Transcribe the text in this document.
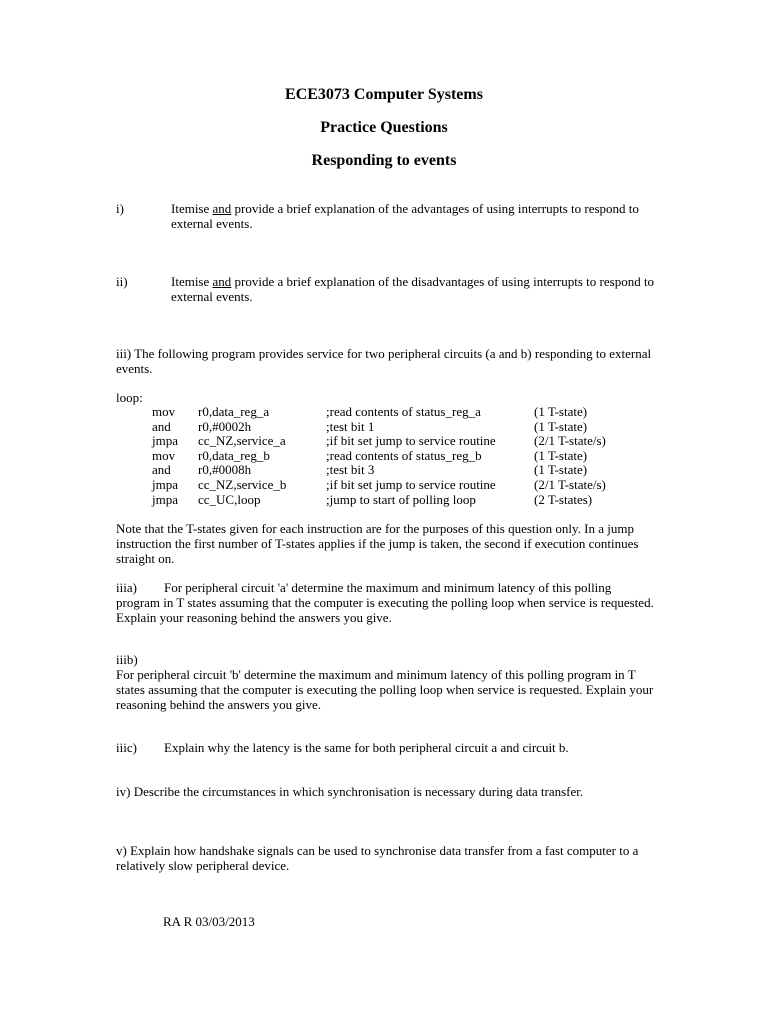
ECE3073 Computer Systems
Practice Questions
Responding to events
i)	Itemise and provide a brief explanation of the advantages of using interrupts to respond to external events.
ii)	Itemise and provide a brief explanation of the disadvantages of using interrupts to respond to external events.

iii) The following program provides service for two peripheral circuits (a and b) responding to external events.

loop:
mov r0,data_reg_a	;read contents of status_reg_a	(1 T-state)
and r0,#0002h	;test bit 1	(1 T-state)
jmpa cc_NZ,service_a	;if bit set jump to service routine	(2/1 T-state/s)
mov r0,data_reg_b	;read contents of status_reg_b	(1 T-state)
and r0,#0008h	;test bit 3	(1 T-state)
jmpa cc_NZ,service_b	;if bit set jump to service routine	(2/1 T-state/s)
jmpa cc_UC,loop	;jump to start of polling loop	(2 T-states)

Note that the T-states given for each instruction are for the purposes of this question only. In a jump instruction the first number of T-states applies if the jump is taken, the second if execution continues straight on.

iiia) For peripheral circuit 'a' determine the maximum and minimum latency of this polling program in T states assuming that the computer is executing the polling loop when service is requested. Explain your reasoning behind the answers you give.

iiib)

For peripheral circuit 'b' determine the maximum and minimum latency of this polling program in T states assuming that the computer is executing the polling loop when service is requested. Explain your reasoning behind the answers you give.

iiic) Explain why the latency is the same for both peripheral circuit a and circuit b.

iv) Describe the circumstances in which synchronisation is necessary during data transfer.

v) Explain how handshake signals can be used to synchronise data transfer from a fast computer to a relatively slow peripheral device.

RA R 03/03/2013
